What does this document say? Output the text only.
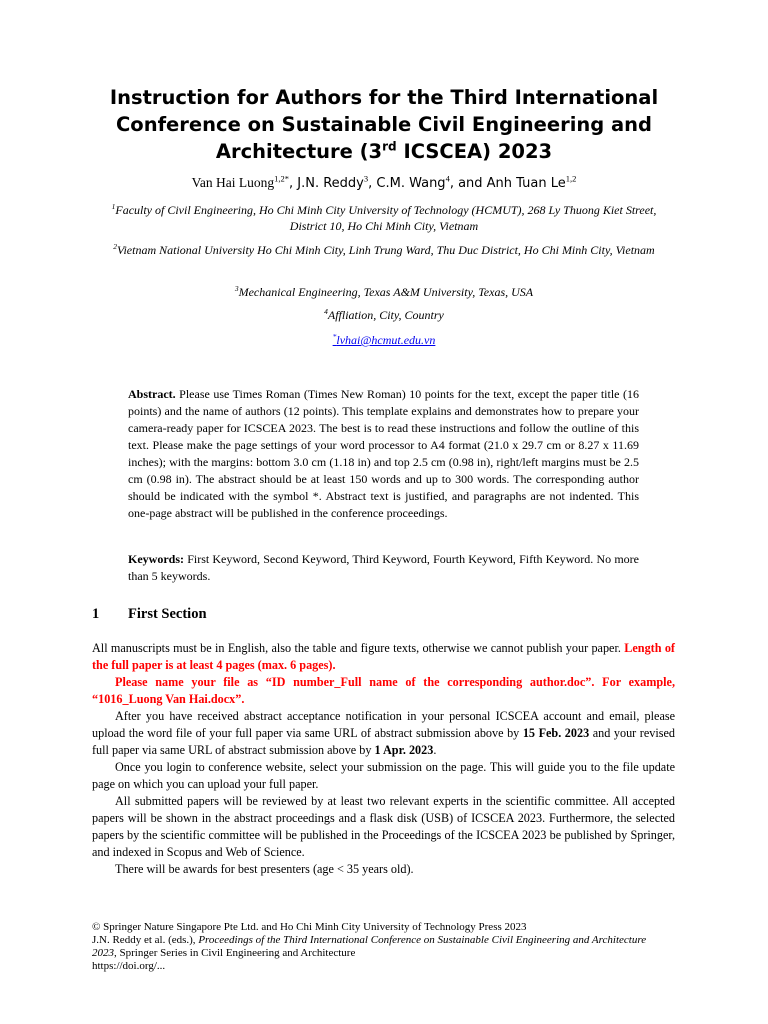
Instruction for Authors for the Third International
Conference on Sustainable Civil Engineering and
Architecture (3rd ICSCEA) 2023
Van Hai Luong$^{1,2*}$, J.N. Reddy$^3$, C.M. Wang$^4$, and Anh Tuan Le$^{1,2}$
$^1$Faculty of Civil Engineering, Ho Chi Minh City University of Technology (HCMUT), 268 Ly Thuong Kiet Street, District 10, Ho Chi Minh City, Vietnam
$^2$Vietnam National University Ho Chi Minh City, Linh Trung Ward, Thu Duc District, Ho Chi Minh City, Vietnam
$^3$Mechanical Engineering, Texas A&M University, Texas, USA
$^4$Affliation, City, Country
*lvhai@hcmut.edu.vn
Abstract. Please use Times Roman (Times New Roman) 10 points for the text, except the paper title (16 points) and the name of authors (12 points). This template explains and demonstrates how to prepare your camera-ready paper for ICSCEA 2023. The best is to read these instructions and follow the outline of this text. Please make the page settings of your word processor to A4 format (21.0 x 29.7 cm or 8.27 x 11.69 inches); with the margins: bottom 3.0 cm (1.18 in) and top 2.5 cm (0.98 in), right/left margins must be 2.5 cm (0.98 in). The abstract should be at least 150 words and up to 300 words. The corresponding author should be indicated with the symbol *. Abstract text is justified, and paragraphs are not indented. This one-page abstract will be published in the conference proceedings.
Keywords: First Keyword, Second Keyword, Third Keyword, Fourth Keyword, Fifth Keyword. No more than 5 keywords.
1 First Section

All manuscripts must be in English, also the table and figure texts, otherwise we cannot publish your paper. Length of the full paper is at least 4 pages (max. 6 pages).

Please name your file as “ID number_Full name of the corresponding author.doc”. For example, “1016_Luong Van Hai.docx”.

After you have received abstract acceptance notification in your personal ICSCEA account and email, please upload the word file of your full paper via same URL of abstract submission above by 15 Feb. 2023 and your revised full paper via same URL of abstract submission above by 1 Apr. 2023.

Once you login to conference website, select your submission on the page. This will guide you to the file update page on which you can upload your full paper.

All submitted papers will be reviewed by at least two relevant experts in the scientific committee. All accepted papers will be shown in the abstract proceedings and a flask disk (USB) of ICSCEA 2023. Furthermore, the selected papers by the scientific committee will be published in the Proceedings of the ICSCEA 2023 be published by Springer, and indexed in Scopus and Web of Science.

There will be awards for best presenters (age < 35 years old).

© Springer Nature Singapore Pte Ltd. and Ho Chi Minh City University of Technology Press 2023
J.N. Reddy et al. (eds.), Proceedings of the Third International Conference on Sustainable Civil Engineering and Architecture 2023, Springer Series in Civil Engineering and Architecture
https://doi.org/...
